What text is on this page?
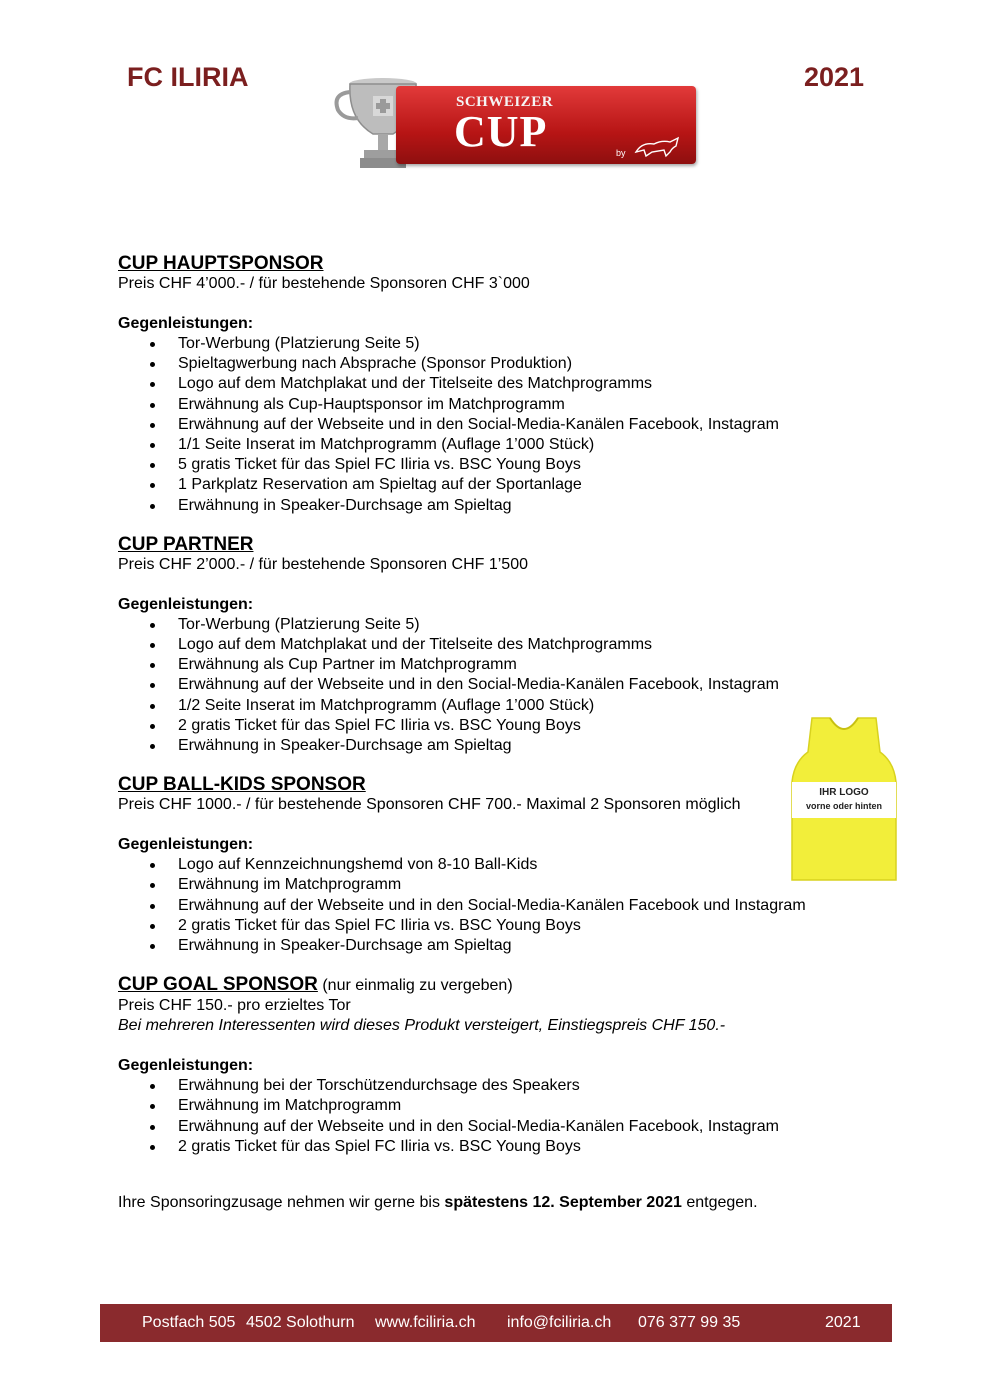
FC ILIRIA	2021
SCHWEIZER
CUP	by
CUP HAUPTSPONSOR
Preis CHF 4’000.- / für bestehende Sponsoren CHF 3`000
Gegenleistungen:
Tor-Werbung (Platzierung Seite 5)
Spieltagwerbung nach Absprache (Sponsor Produktion)
Logo auf dem Matchplakat und der Titelseite des Matchprogramms
Erwähnung als Cup-Hauptsponsor im Matchprogramm
Erwähnung auf der Webseite und in den Social-Media-Kanälen Facebook, Instagram
1/1 Seite Inserat im Matchprogramm (Auflage 1’000 Stück)
5 gratis Ticket für das Spiel FC Iliria vs. BSC Young Boys
1 Parkplatz Reservation am Spieltag auf der Sportanlage
Erwähnung in Speaker-Durchsage am Spieltag
CUP PARTNER
Preis CHF 2’000.- / für bestehende Sponsoren CHF 1’500
Gegenleistungen:
Tor-Werbung (Platzierung Seite 5)
Logo auf dem Matchplakat und der Titelseite des Matchprogramms
Erwähnung als Cup Partner im Matchprogramm
Erwähnung auf der Webseite und in den Social-Media-Kanälen Facebook, Instagram
1/2 Seite Inserat im Matchprogramm (Auflage 1’000 Stück)
2 gratis Ticket für das Spiel FC Iliria vs. BSC Young Boys
Erwähnung in Speaker-Durchsage am Spieltag
CUP BALL-KIDS SPONSOR
Preis CHF 1000.- / für bestehende Sponsoren CHF 700.- Maximal 2 Sponsoren möglich
Gegenleistungen:
Logo auf Kennzeichnungshemd von 8-10 Ball-Kids
Erwähnung im Matchprogramm
Erwähnung auf der Webseite und in den Social-Media-Kanälen Facebook und Instagram
2 gratis Ticket für das Spiel FC Iliria vs. BSC Young Boys
Erwähnung in Speaker-Durchsage am Spieltag
CUP GOAL SPONSOR (nur einmalig zu vergeben)
Preis CHF 150.- pro erzieltes Tor
Bei mehreren Interessenten wird dieses Produkt versteigert, Einstiegspreis CHF 150.-
Gegenleistungen:
Erwähnung bei der Torschützendurchsage des Speakers
Erwähnung im Matchprogramm
Erwähnung auf der Webseite und in den Social-Media-Kanälen Facebook, Instagram
2 gratis Ticket für das Spiel FC Iliria vs. BSC Young Boys
IHR LOGO
vorne oder hinten
Ihre Sponsoringzusage nehmen wir gerne bis spätestens 12. September 2021 entgegen.
Postfach 505 4502 Solothurn www.fciliria.ch info@fciliria.ch 076 377 99 35	2021
